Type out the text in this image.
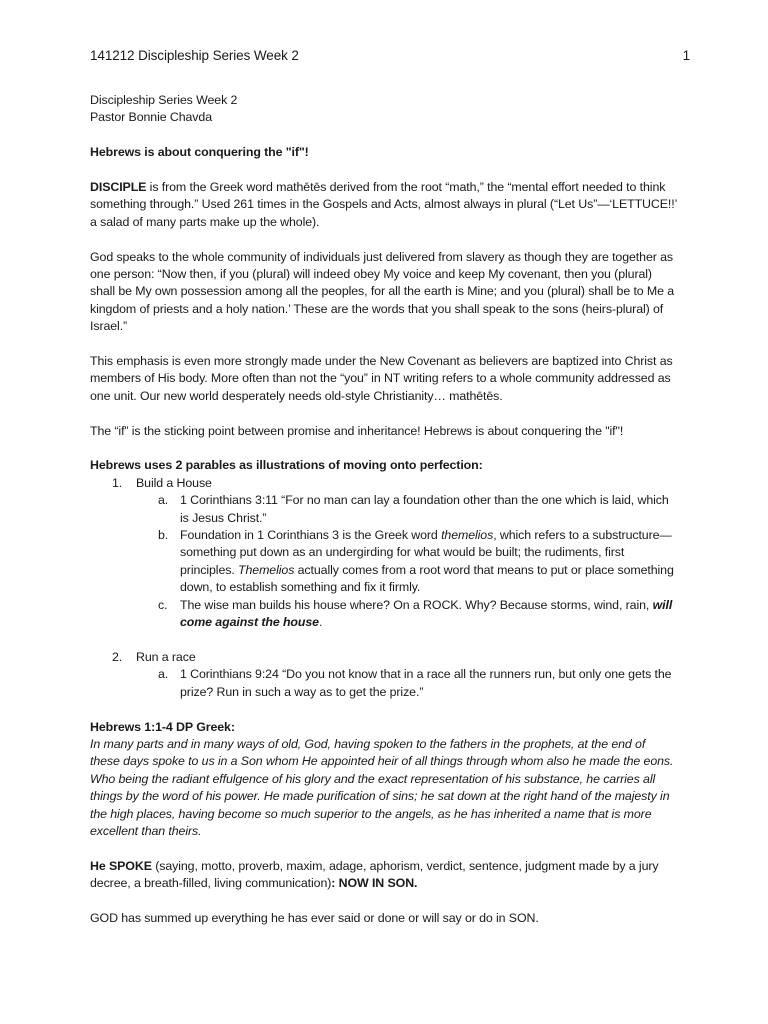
141212 Discipleship Series Week 2	1

Discipleship Series Week 2

Pastor Bonnie Chavda

Hebrews is about conquering the "if"!

DISCIPLE is from the Greek word mathētēs derived from the root “math,” the “mental effort needed to think something through.” Used 261 times in the Gospels and Acts, almost always in plural (“Let Us”—‘LETTUCE!!’ a salad of many parts make up the whole).

God speaks to the whole community of individuals just delivered from slavery as though they are together as one person: “Now then, if you (plural) will indeed obey My voice and keep My covenant, then you (plural) shall be My own possession among all the peoples, for all the earth is Mine; and you (plural) shall be to Me a kingdom of priests and a holy nation.’ These are the words that you shall speak to the sons (heirs-plural) of Israel.”

This emphasis is even more strongly made under the New Covenant as believers are baptized into Christ as members of His body. More often than not the “you” in NT writing refers to a whole community addressed as one unit. Our new world desperately needs old-style Christianity… mathētēs.

The “if” is the sticking point between promise and inheritance! Hebrews is about conquering the "if"!

Hebrews uses 2 parables as illustrations of moving onto perfection:

1. Build a House
a. 1 Corinthians 3:11 “For no man can lay a foundation other than the one which is laid, which is Jesus Christ.”
b. Foundation in 1 Corinthians 3 is the Greek word themelios, which refers to a substructure—something put down as an undergirding for what would be built; the rudiments, first principles. Themelios actually comes from a root word that means to put or place something down, to establish something and fix it firmly.
c. The wise man builds his house where? On a ROCK. Why? Because storms, wind, rain, will come against the house.
2. Run a race
a. 1 Corinthians 9:24 “Do you not know that in a race all the runners run, but only one gets the prize? Run in such a way as to get the prize.”

Hebrews 1:1-4 DP Greek:

In many parts and in many ways of old, God, having spoken to the fathers in the prophets, at the end of these days spoke to us in a Son whom He appointed heir of all things through whom also he made the eons. Who being the radiant effulgence of his glory and the exact representation of his substance, he carries all things by the word of his power. He made purification of sins; he sat down at the right hand of the majesty in the high places, having become so much superior to the angels, as he has inherited a name that is more excellent than theirs.

He SPOKE (saying, motto, proverb, maxim, adage, aphorism, verdict, sentence, judgment made by a jury decree, a breath-filled, living communication): NOW IN SON.

GOD has summed up everything he has ever said or done or will say or do in SON.
